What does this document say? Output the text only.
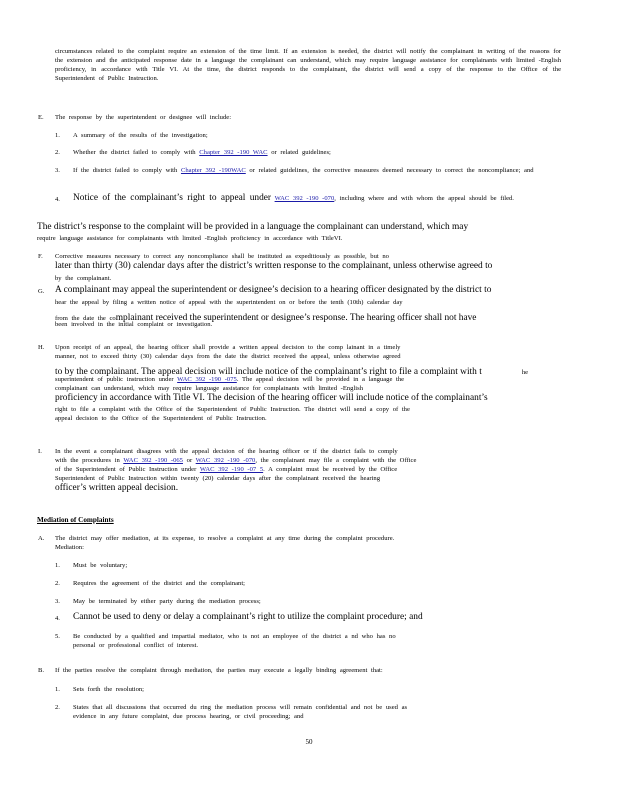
circumstances related to the complaint require an extension of the time limit. If an extension is needed, the district will notify the complainant in writing of the reasons for the extension and the anticipated response date in a language the complainant can understand, which may require language assistance for complainants with limited -English proficiency, in accordance with Title VI. At the time, the district responds to the complainant, the district will send a copy of the response to the Office of the Superintendent of Public Instruction.
E. The response by the superintendent or designee will include:
1. A summary of the results of the investigation;
2. Whether the district failed to comply with Chapter 392 -190 WAC or related guidelines;
3. If the district failed to comply with Chapter 392 -190WAC or related guidelines, the corrective measures deemed necessary to correct the noncompliance; and
4. Notice of the complainant’s right to appeal under WAC 392 -190 -070, including where and with whom the appeal should be filed.
The district’s response to the complaint will be provided in a language the complainant can understand, which may
require language assistance for complainants with limited -English proficiency in accordance with TitleVI.
F. Corrective measures necessary to correct any noncompliance shall be instituted as expeditiously as possible, but no
later than thirty (30) calendar days after the district’s written response to the complainant, unless otherwise agreed to
by the complainant.
G. A complainant may appeal the superintendent or designee’s decision to a hearing officer designated by the district to
hear the appeal by filing a written notice of appeal with the superintendent on or before the tenth (10th) calendar day
from the date the complainant received the superintendent or designee’s response. The hearing officer shall not have
been involved in the initial complaint or investigation.
H. Upon receipt of an appeal, the hearing officer shall provide a written appeal decision to the comp lainant in a timely
manner, not to exceed thirty (30) calendar days from the date the district received the appeal, unless otherwise agreed
to by the complainant. The appeal decision will include notice of the complainant’s right to file a complaint with t	he
superintendent of public instruction under WAC 392 -190 -075. The appeal decision will be provided in a language the
complainant can understand, which may require language assistance for complainants with limited -English
proficiency in accordance with Title VI. The decision of the hearing officer will include notice of the complainant’s
right to file a complaint with the Office of the Superintendent of Public Instruction. The district will send a copy of the
appeal decision to the Office of the Superintendent of Public Instruction.
I. In the event a complainant disagrees with the appeal decision of the hearing officer or if the district fails to comply
with the procedures in WAC 392 -190 -065 or WAC 392 -190 -070, the complainant may file a complaint with the Office
of the Superintendent of Public Instruction under WAC 392 -190 -07 5. A complaint must be received by the Office
Superintendent of Public Instruction within twenty (20) calendar days after the complainant received the hearing
officer’s written appeal decision.
Mediation of Complaints
A. The district may offer mediation, at its expense, to resolve a complaint at any time during the complaint procedure.
Mediation:
1. Must be voluntary;
2. Requires the agreement of the district and the complainant;
3. May be terminated by either party during the mediation process;
4. Cannot be used to deny or delay a complainant’s right to utilize the complaint procedure; and
5. Be conducted by a qualified and impartial mediator, who is not an employee of the district a nd who has no
personal or professional conflict of interest.
B. If the parties resolve the complaint through mediation, the parties may execute a legally binding agreement that:
1. Sets forth the resolution;
2. States that all discussions that occurred du ring the mediation process will remain confidential and not be used as
evidence in any future complaint, due process hearing, or civil proceeding; and
50
